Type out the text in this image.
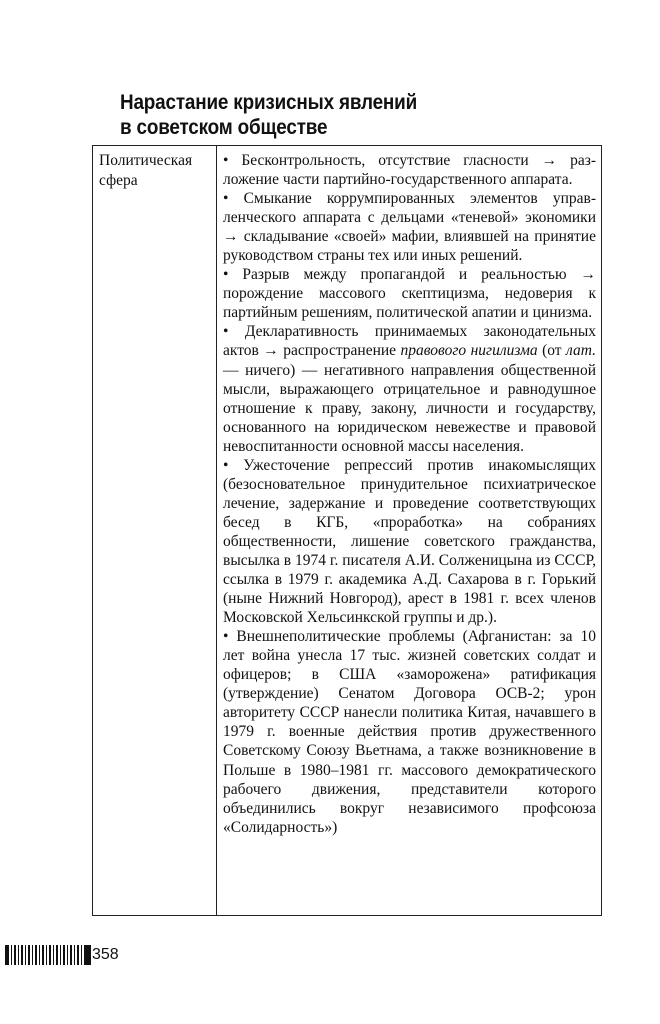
Нарастание кризисных явлений
в советском обществе
Политическая
сфера

• Бесконтрольность, отсутствие гласности → разложение части партийно-государственного аппарата.

• Смыкание коррумпированных элементов управленческого аппарата с дельцами «теневой» экономики → складывание «своей» мафии, влиявшей на принятие руководством страны тех или иных решений.

• Разрыв между пропагандой и реальностью → порождение массового скептицизма, недоверия к партийным решениям, политической апатии и цинизма.

• Декларативность принимаемых законодательных актов → распространение правового нигилизма (от лат. — ничего) — негативного направления общественной мысли, выражающего отрицательное и равнодушное отношение к праву, закону, личности и государству, основанного на юридическом невежестве и правовой невоспитанности основной массы населения.

• Ужесточение репрессий против инакомыслящих (безосновательное принудительное психиатрическое лечение, задержание и проведение соответствующих бесед в КГБ, «проработка» на собраниях общественности, лишение советского гражданства, высылка в 1974 г. писателя А.И. Солженицына из СССР, ссылка в 1979 г. академика А.Д. Сахарова в г. Горький (ныне Нижний Новгород), арест в 1981 г. всех членов Московской Хельсинкской группы и др.).

• Внешнеполитические проблемы (Афганистан: за 10 лет война унесла 17 тыс. жизней советских солдат и офицеров; в США «заморожена» ратификация (утверждение) Сенатом Договора ОСВ-2; урон авторитету СССР нанесли политика Китая, начавшего в 1979 г. военные действия против дружественного Советскому Союзу Вьетнама, а также возникновение в Польше в 1980–1981 гг. массового демократического рабочего движения, представители которого объединились вокруг независимого профсоюза «Солидарность»)

358
